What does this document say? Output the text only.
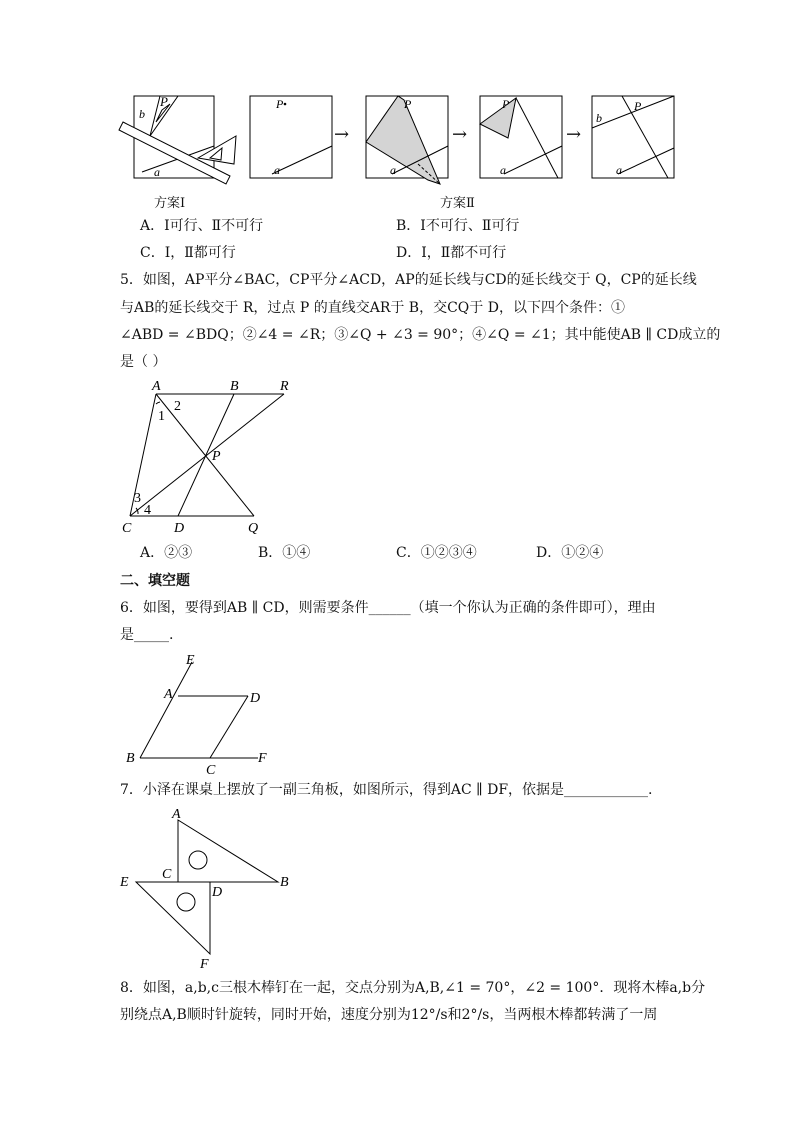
P
b
a
P
a
→
P
a
→
P
a
→
P
b
a
方案Ⅰ	方案Ⅱ
A．Ⅰ可行、Ⅱ不可行	B．Ⅰ不可行、Ⅱ可行
C．Ⅰ，Ⅱ都可行	D．Ⅰ，Ⅱ都不可行
5．如图，AP平分∠BAC，CP平分∠ACD，AP的延长线与CD的延长线交于 Q，CP的延长线
与AB的延长线交于 R，过点 P 的直线交AR于 B，交CQ于 D，以下四个条件：①
∠ABD = ∠BDQ；②∠4 = ∠R；③∠Q + ∠3 = 90°；④∠Q = ∠1；其中能使AB ∥ CD成立的
是（ ）
A	B	R
2
1
P
3
4
C	D	Q
A．②③	B．①④	C．①②③④	D．①②④
二、填空题
6．如图，要得到AB ∥ CD，则需要条件______（填一个你认为正确的条件即可），理由
是_____.
E
A	D
B	F
C
7．小泽在课桌上摆放了一副三角板，如图所示，得到AC ∥ DF，依据是____________.
A
C
E
D
B
F
8．如图，a,b,c三根木棒钉在一起，交点分别为A,B,∠1 = 70°，∠2 = 100°．现将木棒a,b分
别绕点A,B顺时针旋转，同时开始，速度分别为12°/s和2°/s，当两根木棒都转满了一周
